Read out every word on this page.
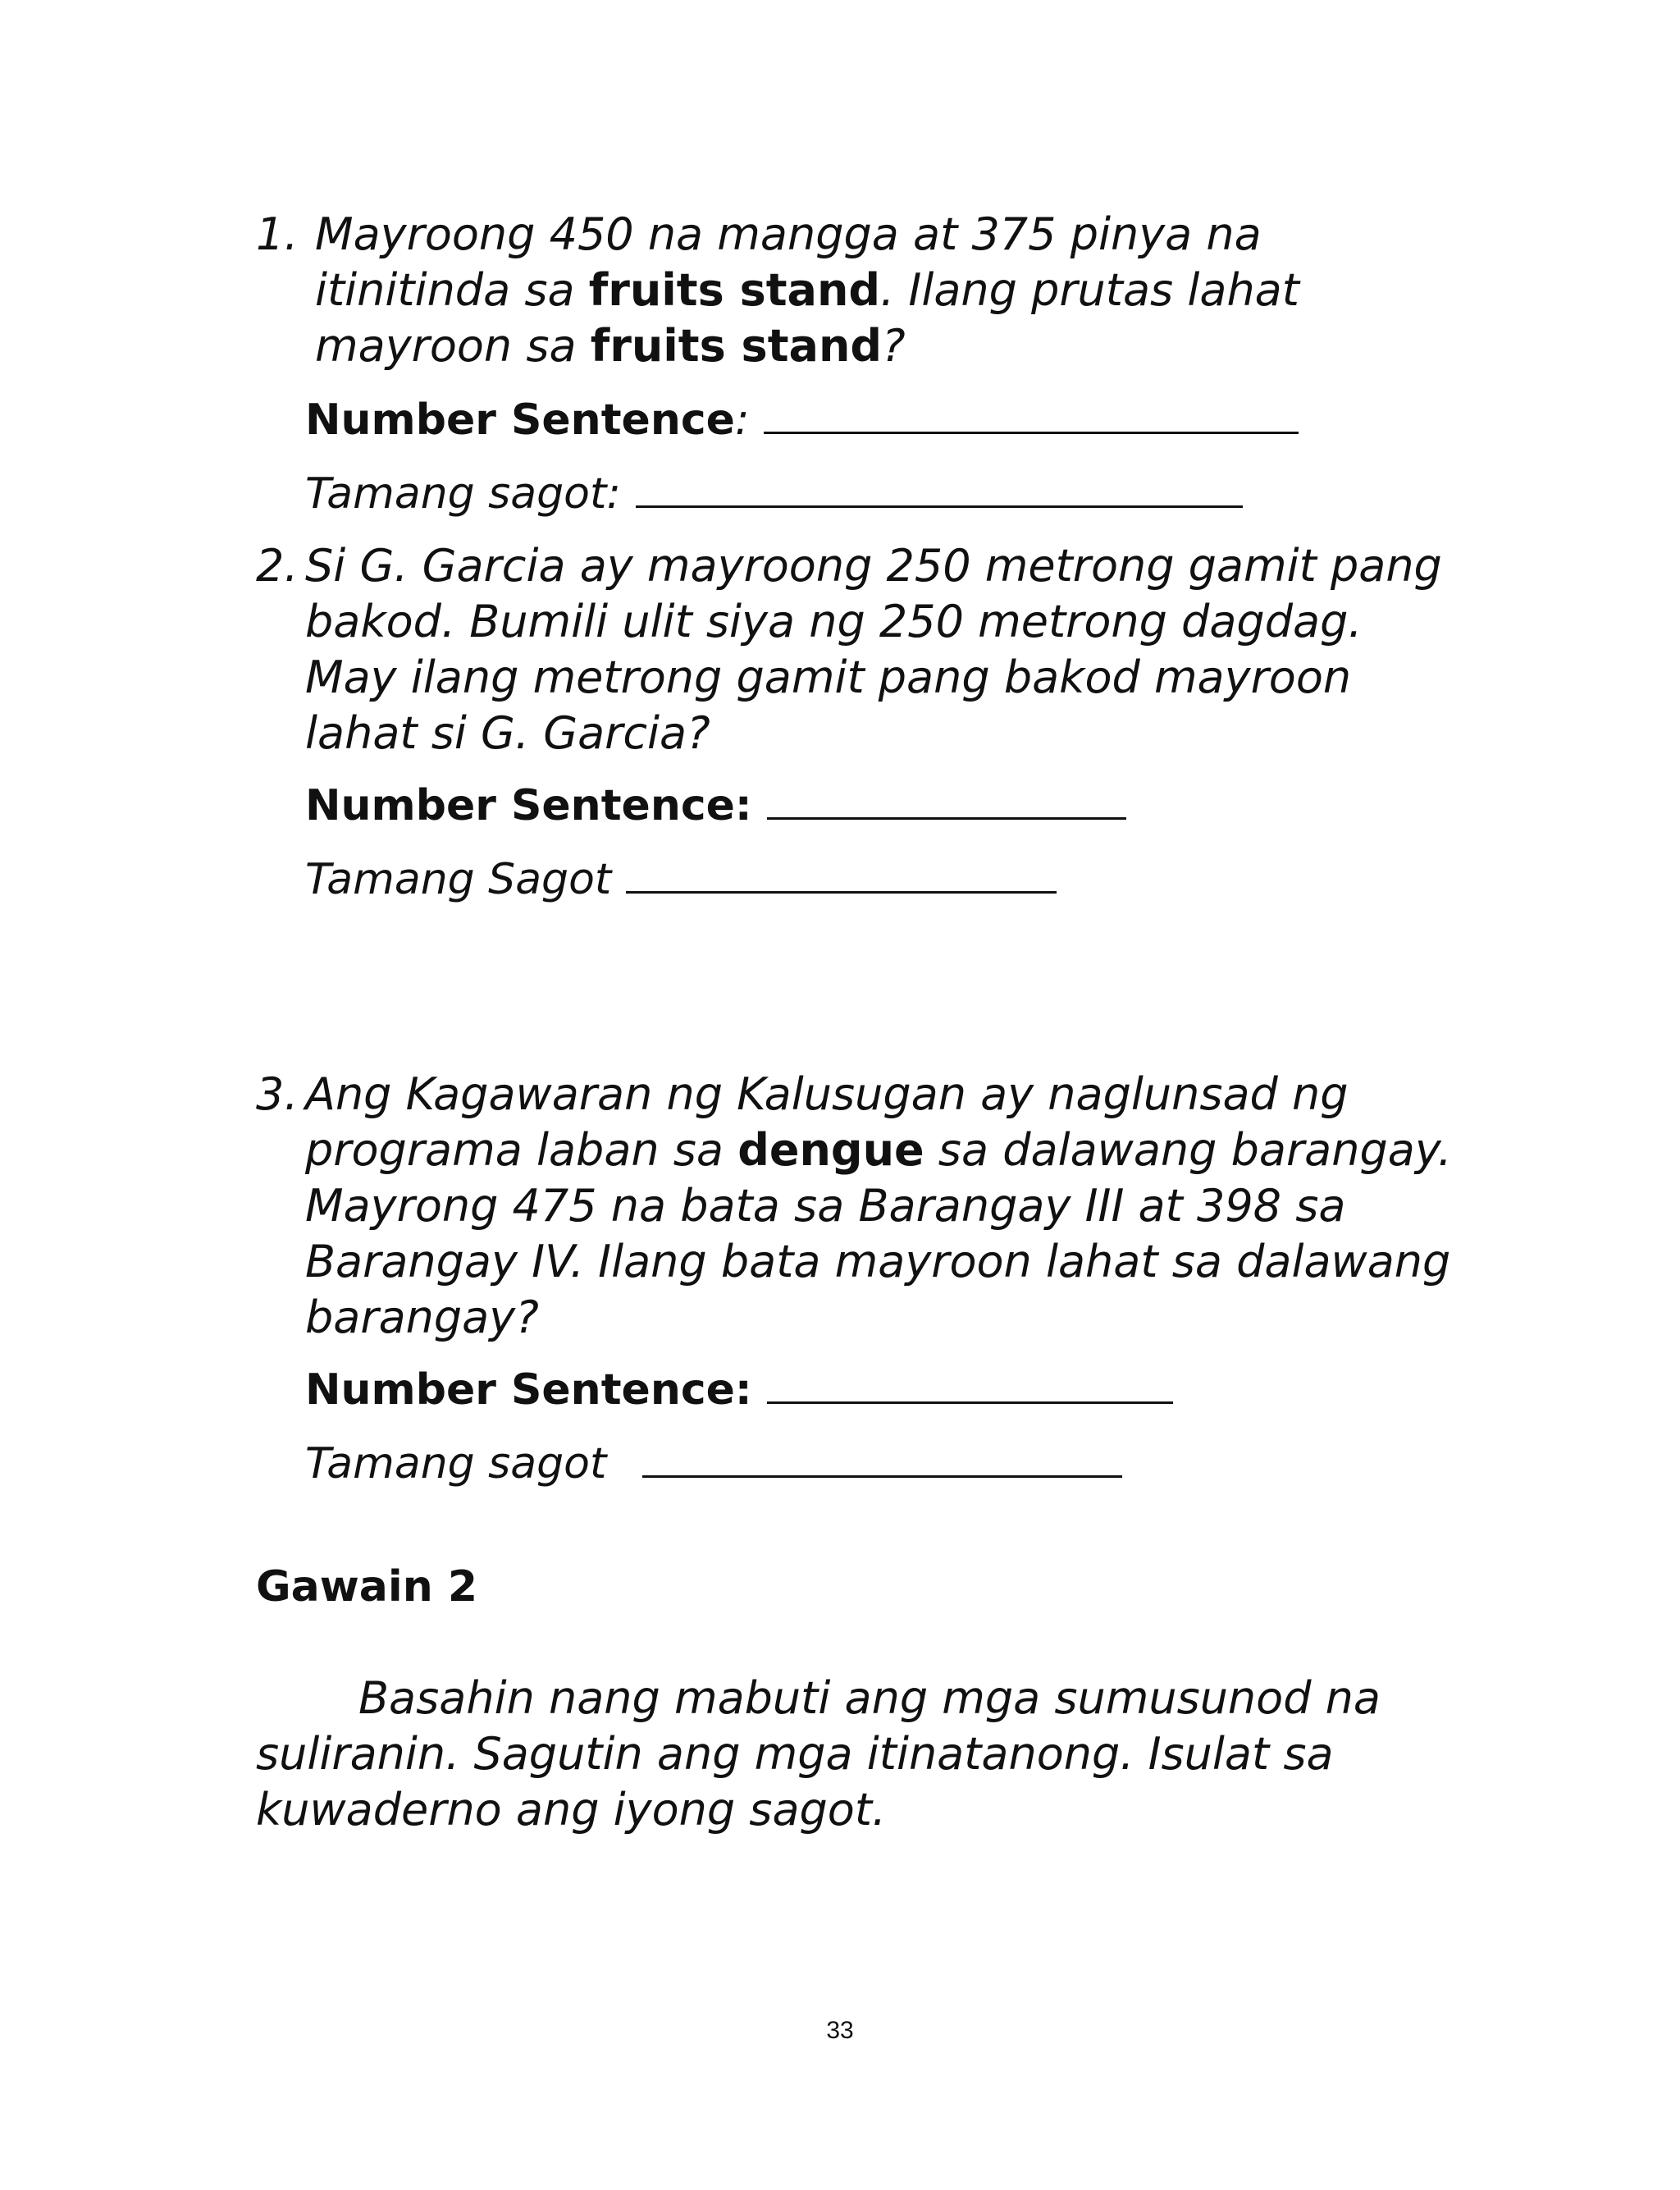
1. Mayroong 450 na mangga at 375 pinya na itinitinda sa fruits stand. Ilang prutas lahat mayroon sa fruits stand?
Number Sentence :
Tamang sagot:
2. Si G. Garcia ay mayroong 250 metrong gamit pang bakod. Bumili ulit siya ng 250 metrong dagdag. May ilang metrong gamit pang bakod mayroon lahat si G. Garcia?
Number Sentence:
Tamang Sagot
3. Ang Kagawaran ng Kalusugan ay naglunsad ng programa laban sa dengue sa dalawang barangay. Mayrong 475 na bata sa Barangay III at 398 sa Barangay IV. Ilang bata mayroon lahat sa dalawang barangay?
Number Sentence:
Tamang sagot
Gawain 2
Basahin nang mabuti ang mga sumusunod na suliranin. Sagutin ang mga itinatanong. Isulat sa kuwaderno ang iyong sagot.
33
